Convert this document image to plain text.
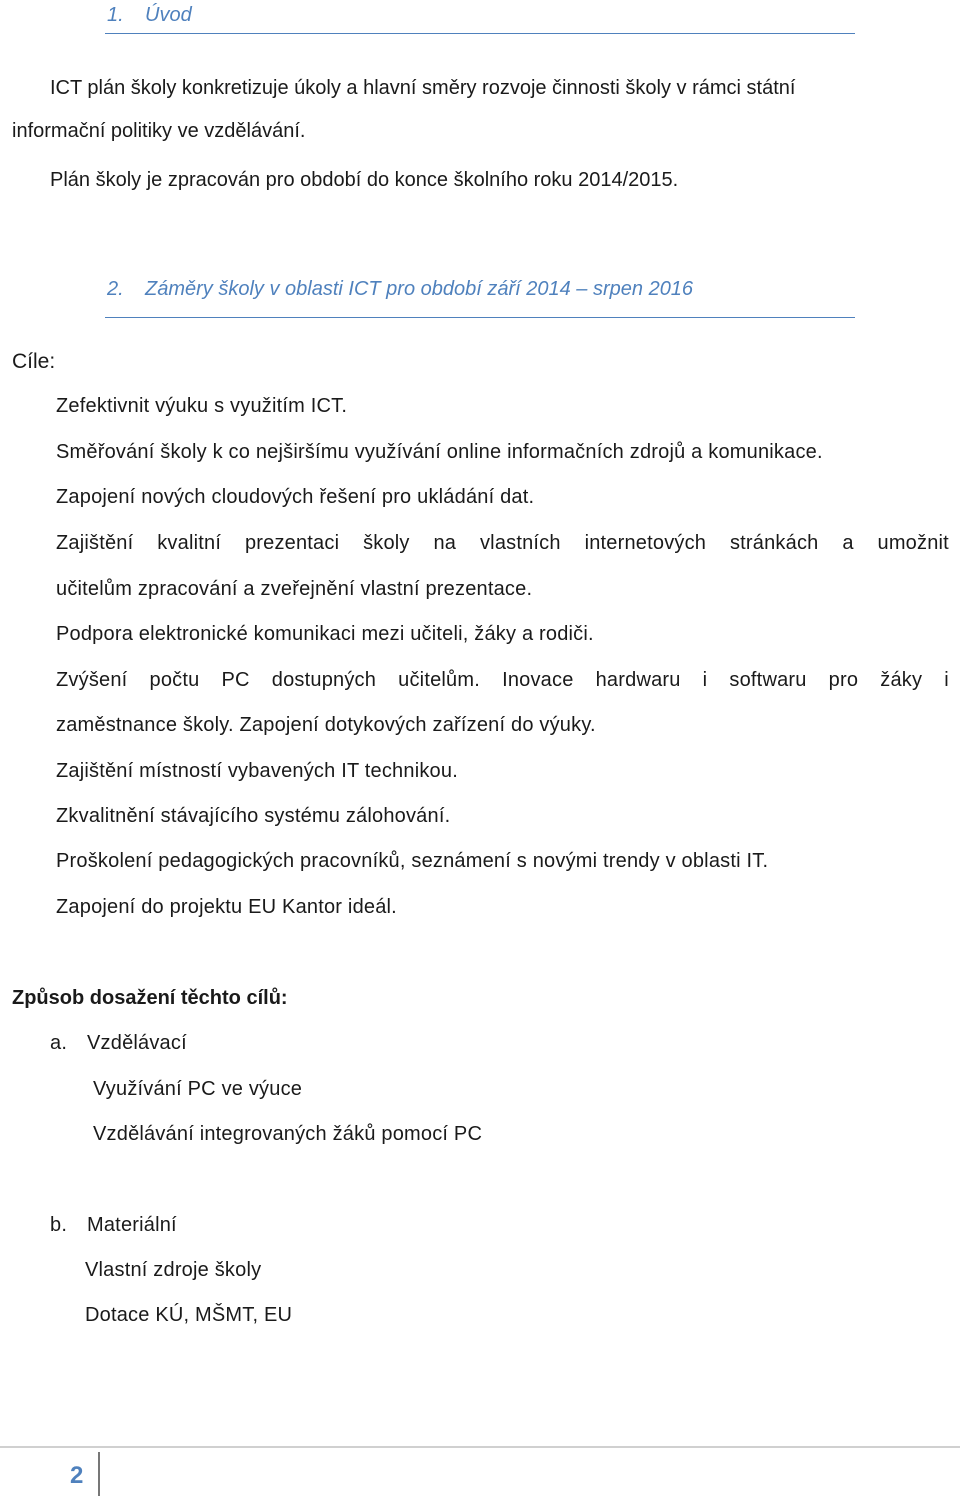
1. Úvod
ICT plán školy konkretizuje úkoly a hlavní směry rozvoje činnosti školy v rámci státní
informační politiky ve vzdělávání.
Plán školy je zpracován pro období do konce školního roku 2014/2015.
2. Záměry školy v oblasti ICT pro období září 2014 – srpen 2016
Cíle:
Zefektivnit výuku s využitím ICT.
Směřování školy k co nejširšímu využívání online informačních zdrojů a komunikace.
Zapojení nových cloudových řešení pro ukládání dat.
Zajištění kvalitní prezentaci školy na vlastních internetových stránkách a umožnit
učitelům zpracování a zveřejnění vlastní prezentace.
Podpora elektronické komunikaci mezi učiteli, žáky a rodiči.
Zvýšení počtu PC dostupných učitelům. Inovace hardwaru i softwaru pro žáky i
zaměstnance školy. Zapojení dotykových zařízení do výuky.
Zajištění místností vybavených IT technikou.
Zkvalitnění stávajícího systému zálohování.
Proškolení pedagogických pracovníků, seznámení s novými trendy v oblasti IT.
Zapojení do projektu EU Kantor ideál.
Způsob dosažení těchto cílů:
a. Vzdělávací
Využívání PC ve výuce
Vzdělávání integrovaných žáků pomocí PC
b. Materiální
Vlastní zdroje školy
Dotace KÚ, MŠMT, EU
2
